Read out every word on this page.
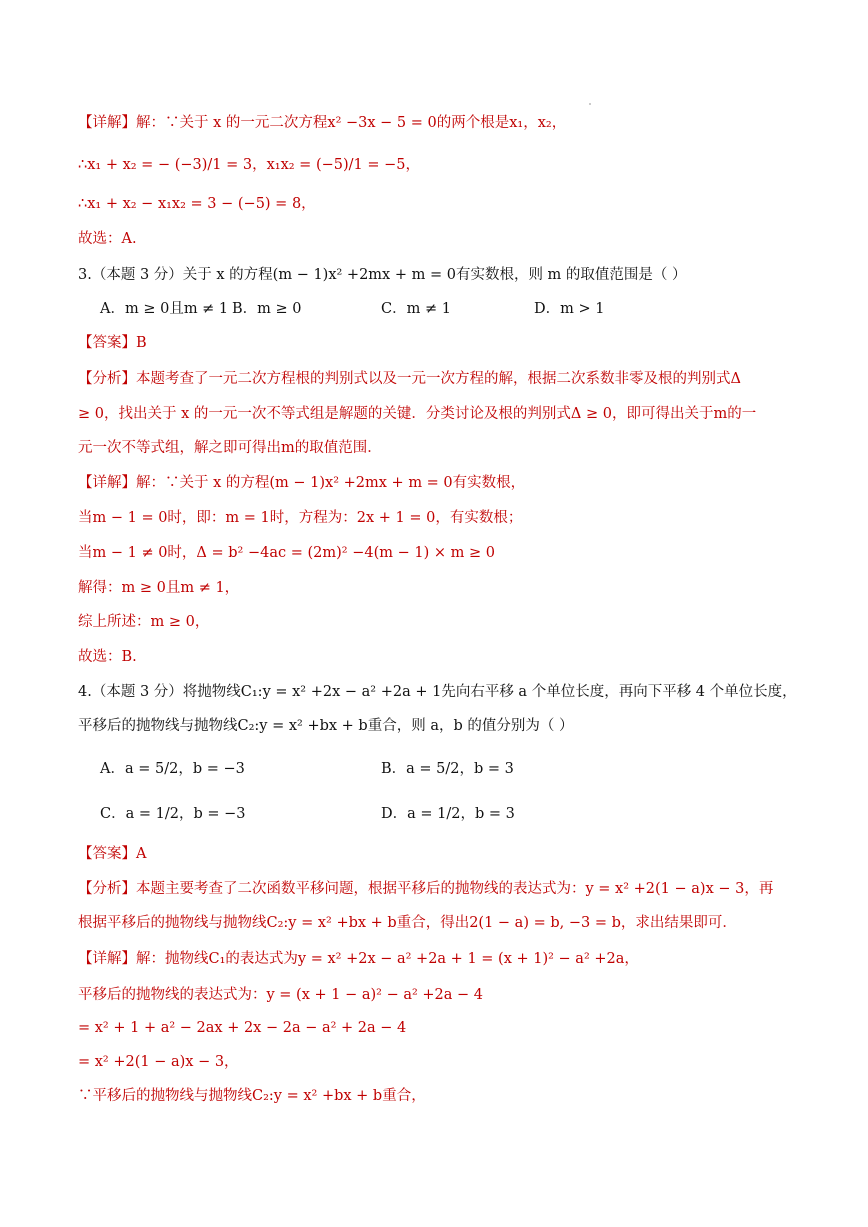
【详解】解：∵关于 x 的一元二次方程x² −3x − 5 = 0的两个根是x₁，x₂，
∴x₁ + x₂ = − (−3)/1 = 3，x₁x₂ = (−5)/1 = −5，
∴x₁ + x₂ − x₁x₂ = 3 − (−5) = 8，
故选：A.
3.（本题 3 分）关于 x 的方程(m − 1)x² +2mx + m = 0有实数根，则 m 的取值范围是（ ）
A．m ≥ 0且m ≠ 1 B．m ≥ 0	C．m ≠ 1	D．m > 1
【答案】B
【分析】本题考查了一元二次方程根的判别式以及一元一次方程的解，根据二次系数非零及根的判别式Δ
≥ 0，找出关于 x 的一元一次不等式组是解题的关键．分类讨论及根的判别式Δ ≥ 0，即可得出关于m的一
元一次不等式组，解之即可得出m的取值范围．
【详解】解：∵关于 x 的方程(m − 1)x² +2mx + m = 0有实数根，
当m − 1 = 0时，即：m = 1时，方程为：2x + 1 = 0，有实数根；
当m − 1 ≠ 0时，Δ = b² −4ac = (2m)² −4(m − 1) × m ≥ 0
解得：m ≥ 0且m ≠ 1，
综上所述：m ≥ 0，
故选：B.
4.（本题 3 分）将抛物线C₁:y = x² +2x − a² +2a + 1先向右平移 a 个单位长度，再向下平移 4 个单位长度，
平移后的抛物线与抛物线C₂:y = x² +bx + b重合，则 a，b 的值分别为（ ）
A．a = 5/2，b = −3	B．a = 5/2，b = 3
C．a = 1/2，b = −3	D．a = 1/2，b = 3
【答案】A
【分析】本题主要考查了二次函数平移问题，根据平移后的抛物线的表达式为：y = x² +2(1 − a)x − 3，再
根据平移后的抛物线与抛物线C₂:y = x² +bx + b重合，得出2(1 − a) = b, −3 = b，求出结果即可．
【详解】解：抛物线C₁的表达式为y = x² +2x − a² +2a + 1 = (x + 1)² − a² +2a，
平移后的抛物线的表达式为：y = (x + 1 − a)² − a² +2a − 4
= x² + 1 + a² − 2ax + 2x − 2a − a² + 2a − 4
= x² +2(1 − a)x − 3，
∵平移后的抛物线与抛物线C₂:y = x² +bx + b重合，
